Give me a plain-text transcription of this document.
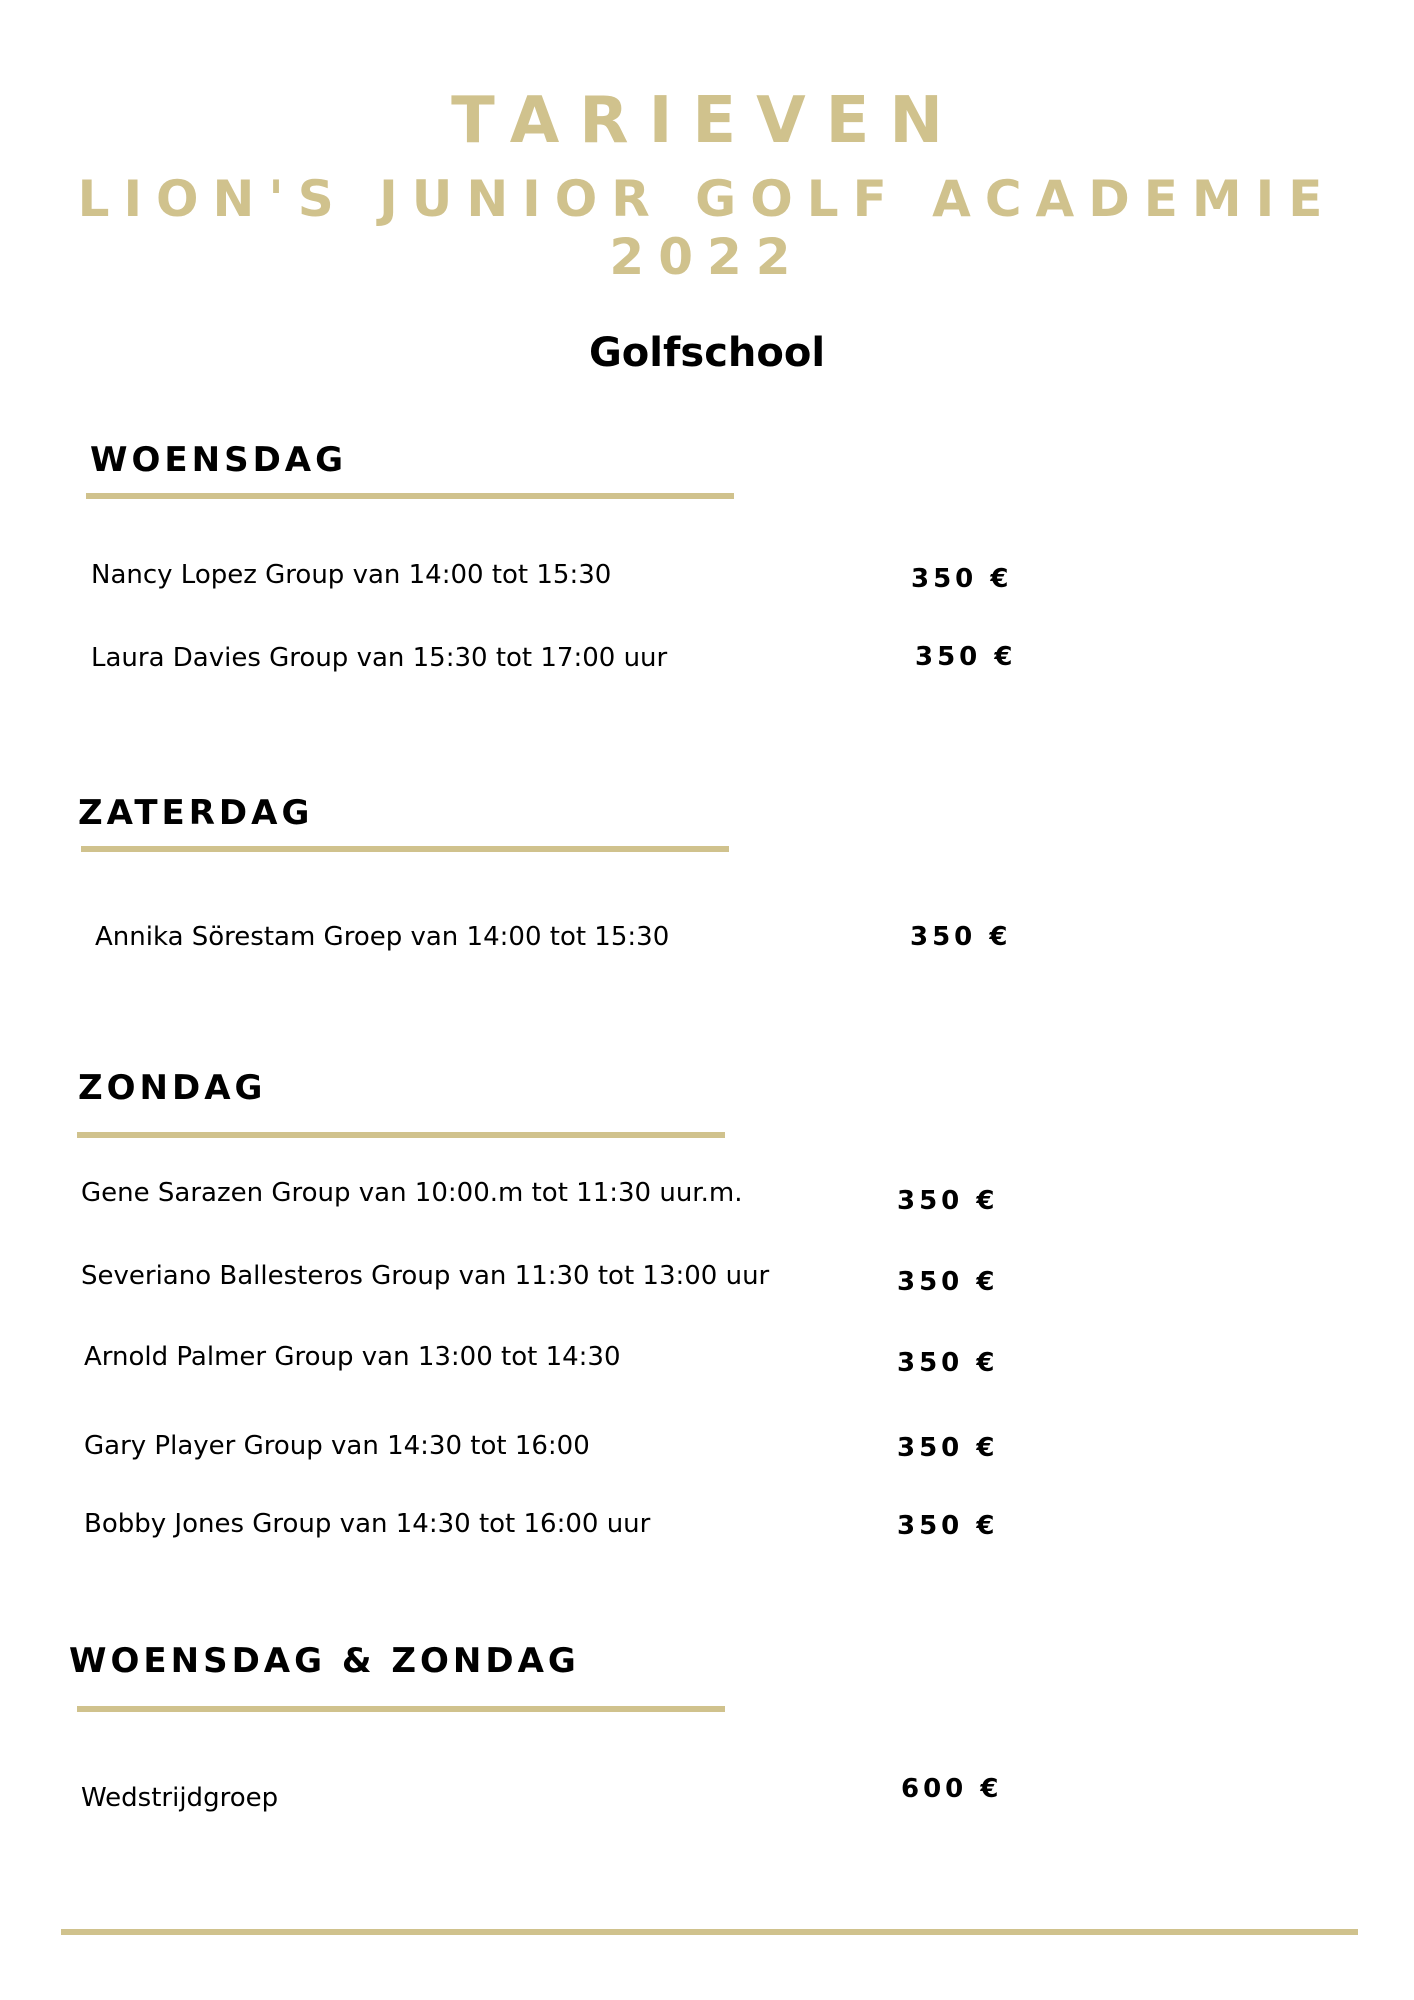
TARIEVEN
LION'S JUNIOR GOLF ACADEMIE
2022
Golfschool
WOENSDAG
Nancy Lopez Group van 14:00 tot 15:30	350 €
Laura Davies Group van 15:30 tot 17:00 uur	350 €
ZATERDAG
Annika Sörestam Groep van 14:00 tot 15:30	350 €
ZONDAG
Gene Sarazen Group van 10:00.m tot 11:30 uur.m.	350 €
Severiano Ballesteros Group van 11:30 tot 13:00 uur	350 €
Arnold Palmer Group van 13:00 tot 14:30	350 €
Gary Player Group van 14:30 tot 16:00	350 €
Bobby Jones Group van 14:30 tot 16:00 uur	350 €
WOENSDAG & ZONDAG
Wedstrijdgroep	600 €
